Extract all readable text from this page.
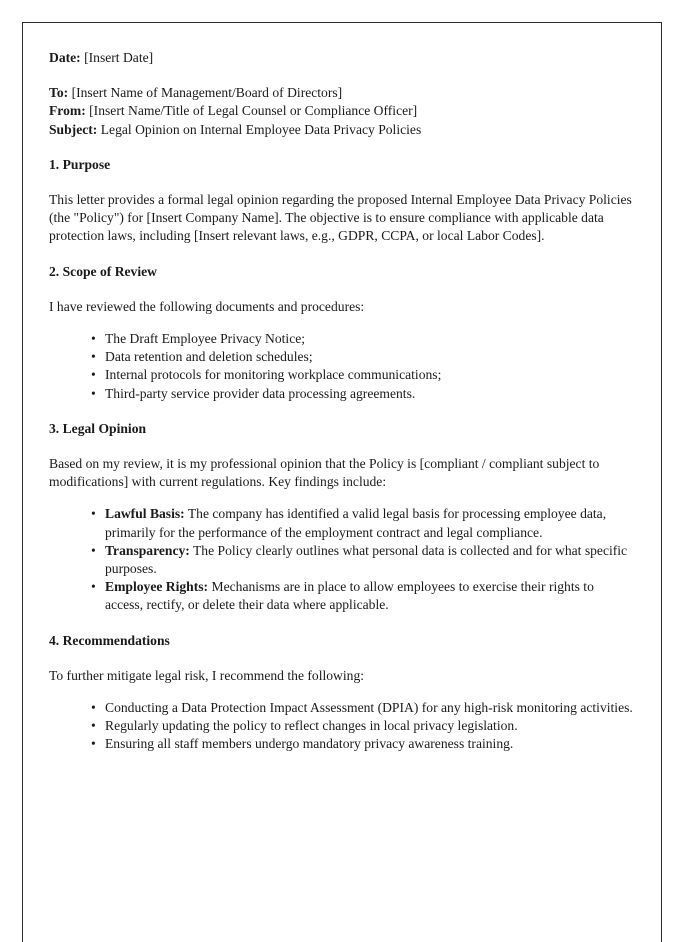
Date: [Insert Date]

To: [Insert Name of Management/Board of Directors]

From: [Insert Name/Title of Legal Counsel or Compliance Officer]

Subject: Legal Opinion on Internal Employee Data Privacy Policies

1. Purpose

This letter provides a formal legal opinion regarding the proposed Internal Employee Data Privacy Policies (the "Policy") for [Insert Company Name]. The objective is to ensure compliance with applicable data protection laws, including [Insert relevant laws, e.g., GDPR, CCPA, or local Labor Codes].

2. Scope of Review

I have reviewed the following documents and procedures:

• The Draft Employee Privacy Notice;
• Data retention and deletion schedules;
• Internal protocols for monitoring workplace communications;
• Third-party service provider data processing agreements.
3. Legal Opinion

Based on my review, it is my professional opinion that the Policy is [compliant / compliant subject to modifications] with current regulations. Key findings include:

• Lawful Basis: The company has identified a valid legal basis for processing employee data, primarily for the performance of the employment contract and legal compliance.
• Transparency: The Policy clearly outlines what personal data is collected and for what specific purposes.
• Employee Rights: Mechanisms are in place to allow employees to exercise their rights to access, rectify, or delete their data where applicable.
4. Recommendations

To further mitigate legal risk, I recommend the following:

• Conducting a Data Protection Impact Assessment (DPIA) for any high-risk monitoring activities.
• Regularly updating the policy to reflect changes in local privacy legislation.
• Ensuring all staff members undergo mandatory privacy awareness training.
